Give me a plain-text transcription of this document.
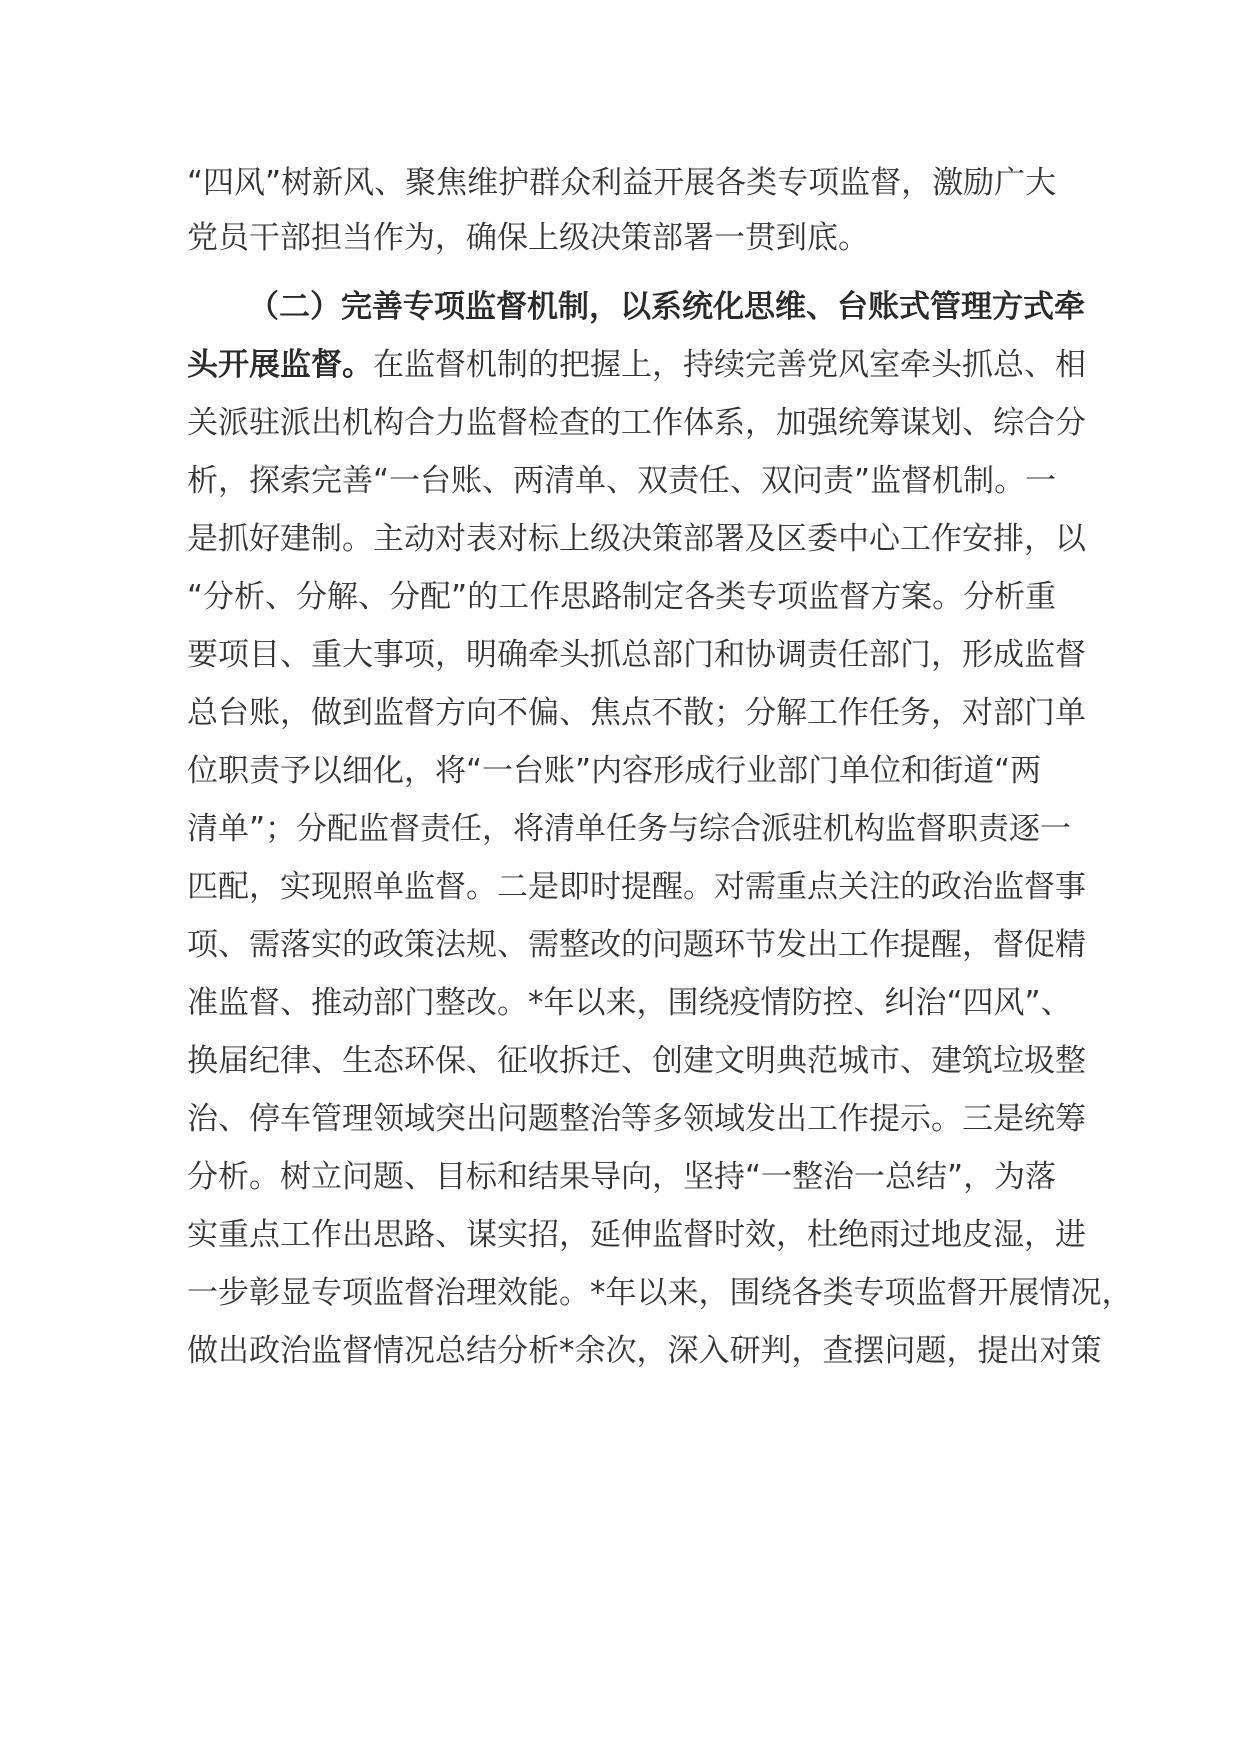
“四风”树新风、聚焦维护群众利益开展各类专项监督，激励广大
党员干部担当作为，确保上级决策部署一贯到底。
（二）完善专项监督机制，以系统化思维、台账式管理方式牵
头开展监督。在监督机制的把握上，持续完善党风室牵头抓总、相
关派驻派出机构合力监督检查的工作体系，加强统筹谋划、综合分
析，探索完善“一台账、两清单、双责任、双问责”监督机制。一
是抓好建制。主动对表对标上级决策部署及区委中心工作安排，以
“分析、分解、分配”的工作思路制定各类专项监督方案。分析重
要项目、重大事项，明确牵头抓总部门和协调责任部门，形成监督
总台账，做到监督方向不偏、焦点不散；分解工作任务，对部门单
位职责予以细化，将“一台账”内容形成行业部门单位和街道“两
清单”；分配监督责任，将清单任务与综合派驻机构监督职责逐一
匹配，实现照单监督。二是即时提醒。对需重点关注的政治监督事
项、需落实的政策法规、需整改的问题环节发出工作提醒，督促精
准监督、推动部门整改。*年以来，围绕疫情防控、纠治“四风”、
换届纪律、生态环保、征收拆迁、创建文明典范城市、建筑垃圾整
治、停车管理领域突出问题整治等多领域发出工作提示。三是统筹
分析。树立问题、目标和结果导向，坚持“一整治一总结”，为落
实重点工作出思路、谋实招，延伸监督时效，杜绝雨过地皮湿，进
一步彰显专项监督治理效能。*年以来，围绕各类专项监督开展情况，
做出政治监督情况总结分析*余次，深入研判，查摆问题，提出对策
